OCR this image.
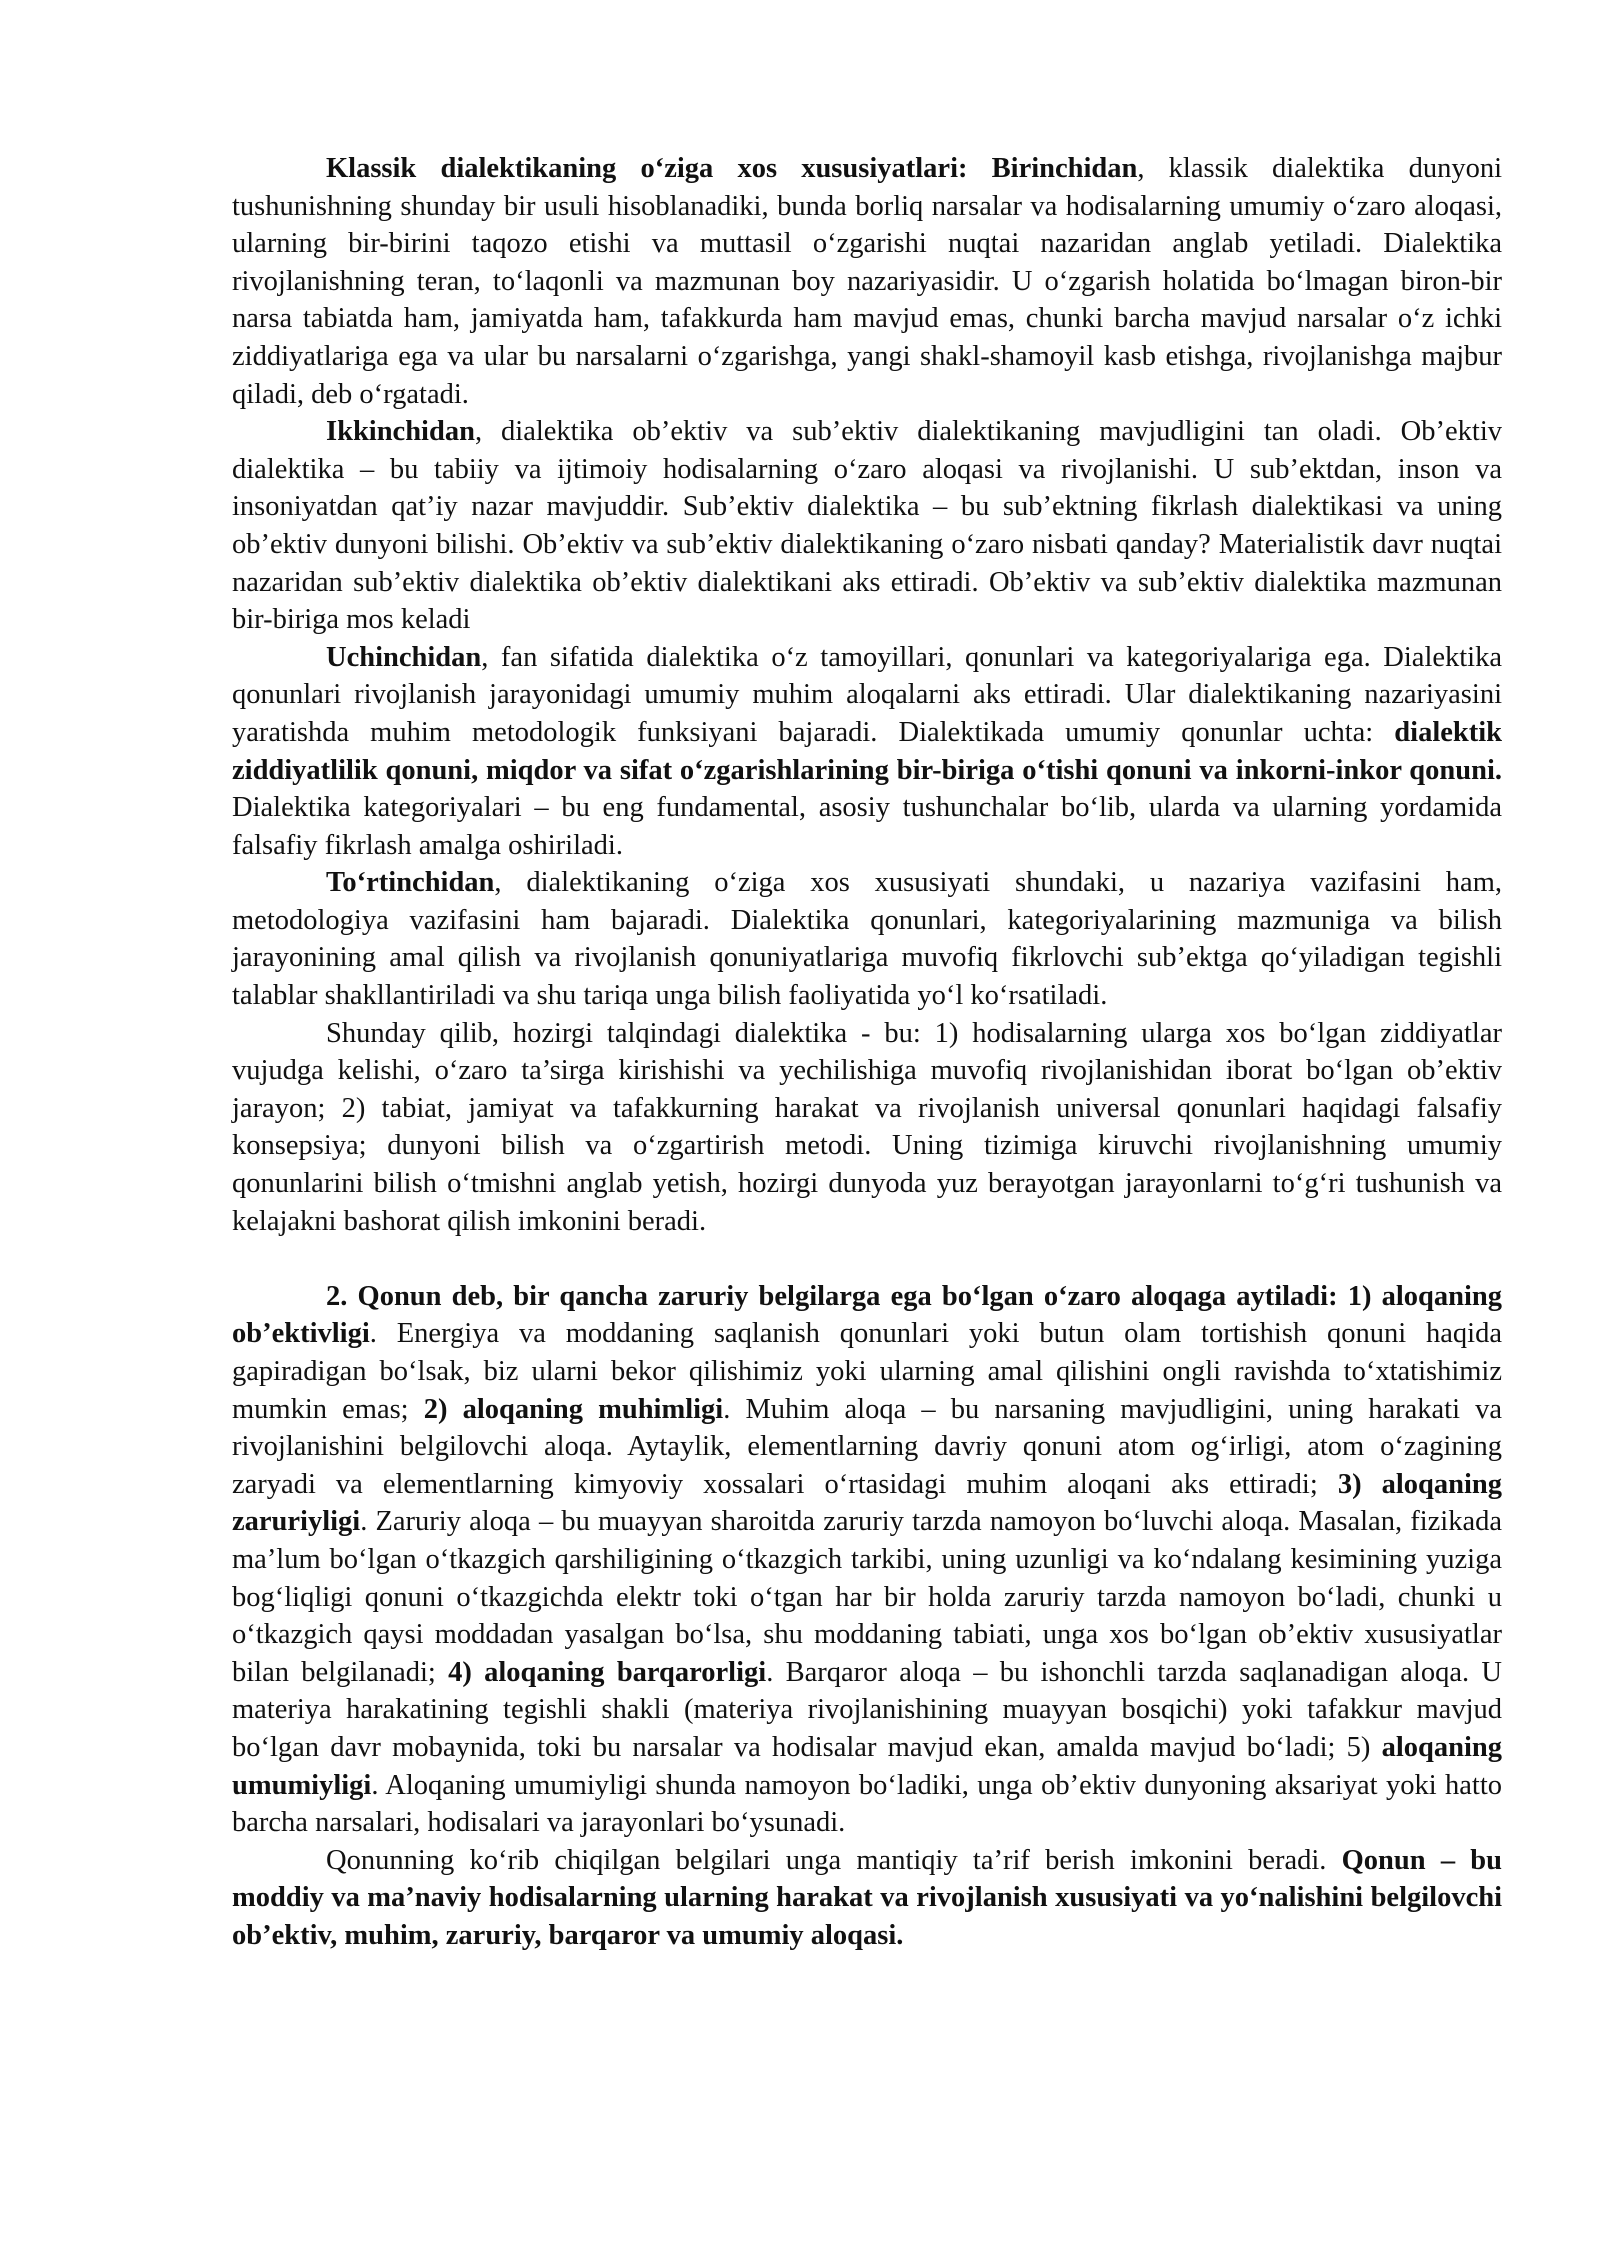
Klassik dialektikaning o‘ziga xos xususiyatlari: Birinchidan, klassik dialektika dunyoni tushunishning shunday bir usuli hisoblanadiki, bunda borliq narsalar va hodisalarning umumiy o‘zaro aloqasi, ularning bir-birini taqozo etishi va muttasil o‘zgarishi nuqtai nazaridan anglab yetiladi. Dialektika rivojlanishning teran, to‘laqonli va mazmunan boy nazariyasidir. U o‘zgarish holatida bo‘lmagan biron-bir narsa tabiatda ham, jamiyatda ham, tafakkurda ham mavjud emas, chunki barcha mavjud narsalar o‘z ichki ziddiyatlariga ega va ular bu narsalarni o‘zgarishga, yangi shakl-shamoyil kasb etishga, rivojlanishga majbur qiladi, deb o‘rgatadi.

Ikkinchidan, dialektika ob’ektiv va sub’ektiv dialektikaning mavjudligini tan oladi. Ob’ektiv dialektika – bu tabiiy va ijtimoiy hodisalarning o‘zaro aloqasi va rivojlanishi. U sub’ektdan, inson va insoniyatdan qat’iy nazar mavjuddir. Sub’ektiv dialektika – bu sub’ektning fikrlash dialektikasi va uning ob’ektiv dunyoni bilishi. Ob’ektiv va sub’ektiv dialektikaning o‘zaro nisbati qanday? Materialistik davr nuqtai nazaridan sub’ektiv dialektika ob’ektiv dialektikani aks ettiradi. Ob’ektiv va sub’ektiv dialektika mazmunan bir-biriga mos keladi

Uchinchidan, fan sifatida dialektika o‘z tamoyillari, qonunlari va kategoriyalariga ega. Dialektika qonunlari rivojlanish jarayonidagi umumiy muhim aloqalarni aks ettiradi. Ular dialektikaning nazariyasini yaratishda muhim metodologik funksiyani bajaradi. Dialektikada umumiy qonunlar uchta: dialektik ziddiyatlilik qonuni, miqdor va sifat o‘zgarishlarining bir-biriga o‘tishi qonuni va inkorni-inkor qonuni. Dialektika kategoriyalari – bu eng fundamental, asosiy tushunchalar bo‘lib, ularda va ularning yordamida falsafiy fikrlash amalga oshiriladi.

To‘rtinchidan, dialektikaning o‘ziga xos xususiyati shundaki, u nazariya vazifasini ham, metodologiya vazifasini ham bajaradi. Dialektika qonunlari, kategoriyalarining mazmuniga va bilish jarayonining amal qilish va rivojlanish qonuniyatlariga muvofiq fikrlovchi sub’ektga qo‘yiladigan tegishli talablar shakllantiriladi va shu tariqa unga bilish faoliyatida yo‘l ko‘rsatiladi.

Shunday qilib, hozirgi talqindagi dialektika - bu: 1) hodisalarning ularga xos bo‘lgan ziddiyatlar vujudga kelishi, o‘zaro ta’sirga kirishishi va yechilishiga muvofiq rivojlanishidan iborat bo‘lgan ob’ektiv jarayon; 2) tabiat, jamiyat va tafakkurning harakat va rivojlanish universal qonunlari haqidagi falsafiy konsepsiya; dunyoni bilish va o‘zgartirish metodi. Uning tizimiga kiruvchi rivojlanishning umumiy qonunlarini bilish o‘tmishni anglab yetish, hozirgi dunyoda yuz berayotgan jarayonlarni to‘g‘ri tushunish va kelajakni bashorat qilish imkonini beradi.

2. Qonun deb, bir qancha zaruriy belgilarga ega bo‘lgan o‘zaro aloqaga aytiladi: 1) aloqaning ob’ektivligi. Energiya va moddaning saqlanish qonunlari yoki butun olam tortishish qonuni haqida gapiradigan bo‘lsak, biz ularni bekor qilishimiz yoki ularning amal qilishini ongli ravishda to‘xtatishimiz mumkin emas; 2) aloqaning muhimligi. Muhim aloqa – bu narsaning mavjudligini, uning harakati va rivojlanishini belgilovchi aloqa. Aytaylik, elementlarning davriy qonuni atom og‘irligi, atom o‘zagining zaryadi va elementlarning kimyoviy xossalari o‘rtasidagi muhim aloqani aks ettiradi; 3) aloqaning zaruriyligi. Zaruriy aloqa – bu muayyan sharoitda zaruriy tarzda namoyon bo‘luvchi aloqa. Masalan, fizikada ma’lum bo‘lgan o‘tkazgich qarshiligining o‘tkazgich tarkibi, uning uzunligi va ko‘ndalang kesimining yuziga bog‘liqligi qonuni o‘tkazgichda elektr toki o‘tgan har bir holda zaruriy tarzda namoyon bo‘ladi, chunki u o‘tkazgich qaysi moddadan yasalgan bo‘lsa, shu moddaning tabiati, unga xos bo‘lgan ob’ektiv xususiyatlar bilan belgilanadi; 4) aloqaning barqarorligi. Barqaror aloqa – bu ishonchli tarzda saqlanadigan aloqa. U materiya harakatining tegishli shakli (materiya rivojlanishining muayyan bosqichi) yoki tafakkur mavjud bo‘lgan davr mobaynida, toki bu narsalar va hodisalar mavjud ekan, amalda mavjud bo‘ladi; 5) aloqaning umumiyligi. Aloqaning umumiyligi shunda namoyon bo‘ladiki, unga ob’ektiv dunyoning aksariyat yoki hatto barcha narsalari, hodisalari va jarayonlari bo‘ysunadi.

Qonunning ko‘rib chiqilgan belgilari unga mantiqiy ta’rif berish imkonini beradi. Qonun – bu moddiy va ma’naviy hodisalarning ularning harakat va rivojlanish xususiyati va yo‘nalishini belgilovchi ob’ektiv, muhim, zaruriy, barqaror va umumiy aloqasi.
